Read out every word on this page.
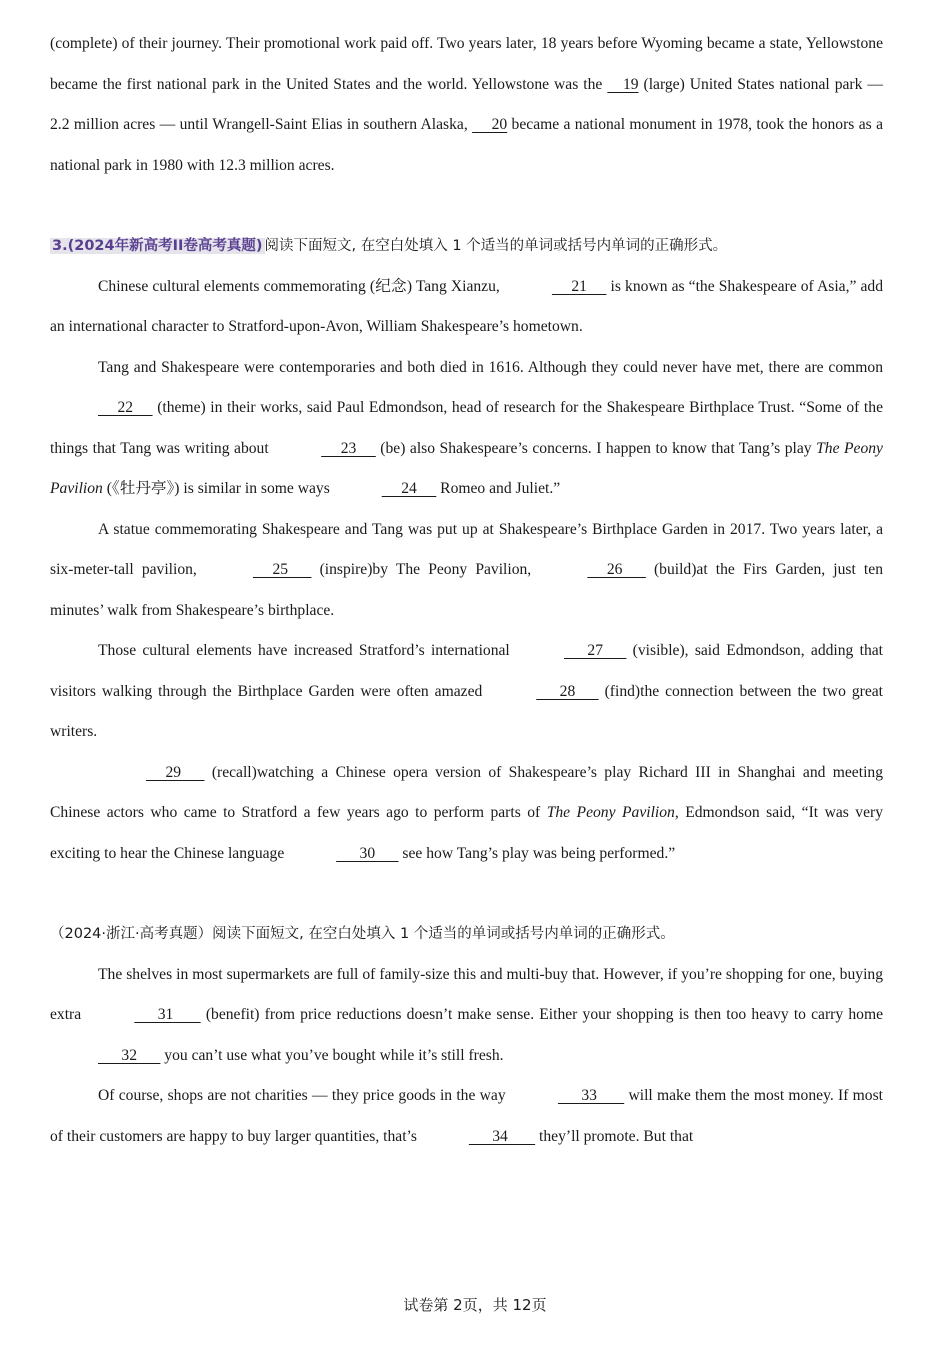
(complete) of their journey. Their promotional work paid off. Two years later, 18 years before Wyoming became a state, Yellowstone became the first national park in the United States and the world. Yellowstone was the     19 (large) United States national park — 2.2 million acres — until Wrangell-Saint Elias in southern Alaska,      20 became a national monument in 1978, took the honors as a national park in 1980 with 12.3 million acres.

3.(2024年新高考II卷高考真题) 阅读下面短文, 在空白处填入 1 个适当的单词或括号内单词的正确形式。

Chinese cultural elements commemorating (纪念) Tang Xianzu,	21      is known as “the Shakespeare of Asia,” add an international character to Stratford-upon-Avon, William Shakespeare’s hometown.

Tang and Shakespeare were contemporaries and both died in 1616. Although they could never have met, there are common      22      (theme) in their works, said Paul Edmondson, head of research for the Shakespeare Birthplace Trust. “Some of the things that Tang was writing about	23      (be) also Shakespeare’s concerns. I happen to know that Tang’s play The Peony Pavilion (《牡丹亭》) is similar in some ways	24      Romeo and Juliet.”

A statue commemorating Shakespeare and Tang was put up at Shakespeare’s Birthplace Garden in 2017. Two years later, a six-meter-tall pavilion,	25       (inspire)by The Peony Pavilion,	26       (build)at the Firs Garden, just ten minutes’ walk from Shakespeare’s birthplace.

Those cultural elements have increased Stratford’s international	27       (visible), said Edmondson, adding that visitors walking through the Birthplace Garden were often amazed	28       (find)the connection between the two great writers.

29       (recall)watching a Chinese opera version of Shakespeare’s play Richard III in Shanghai and meeting Chinese actors who came to Stratford a few years ago to perform parts of The Peony Pavilion, Edmondson said, “It was very exciting to hear the Chinese language	30       see how Tang’s play was being performed.”

（2024·浙江·高考真题）阅读下面短文, 在空白处填入 1 个适当的单词或括号内单词的正确形式。

The shelves in most supermarkets are full of family-size this and multi-buy that. However, if you’re shopping for one, buying extra	31        (benefit) from price reductions doesn’t make sense. Either your shopping is then too heavy to carry home       32       you can’t use what you’ve bought while it’s still fresh.

Of course, shops are not charities — they price goods in the way	33        will make them the most money. If most of their customers are happy to buy larger quantities, that’s	34        they’ll promote. But that

试卷第 2页，共 12页
